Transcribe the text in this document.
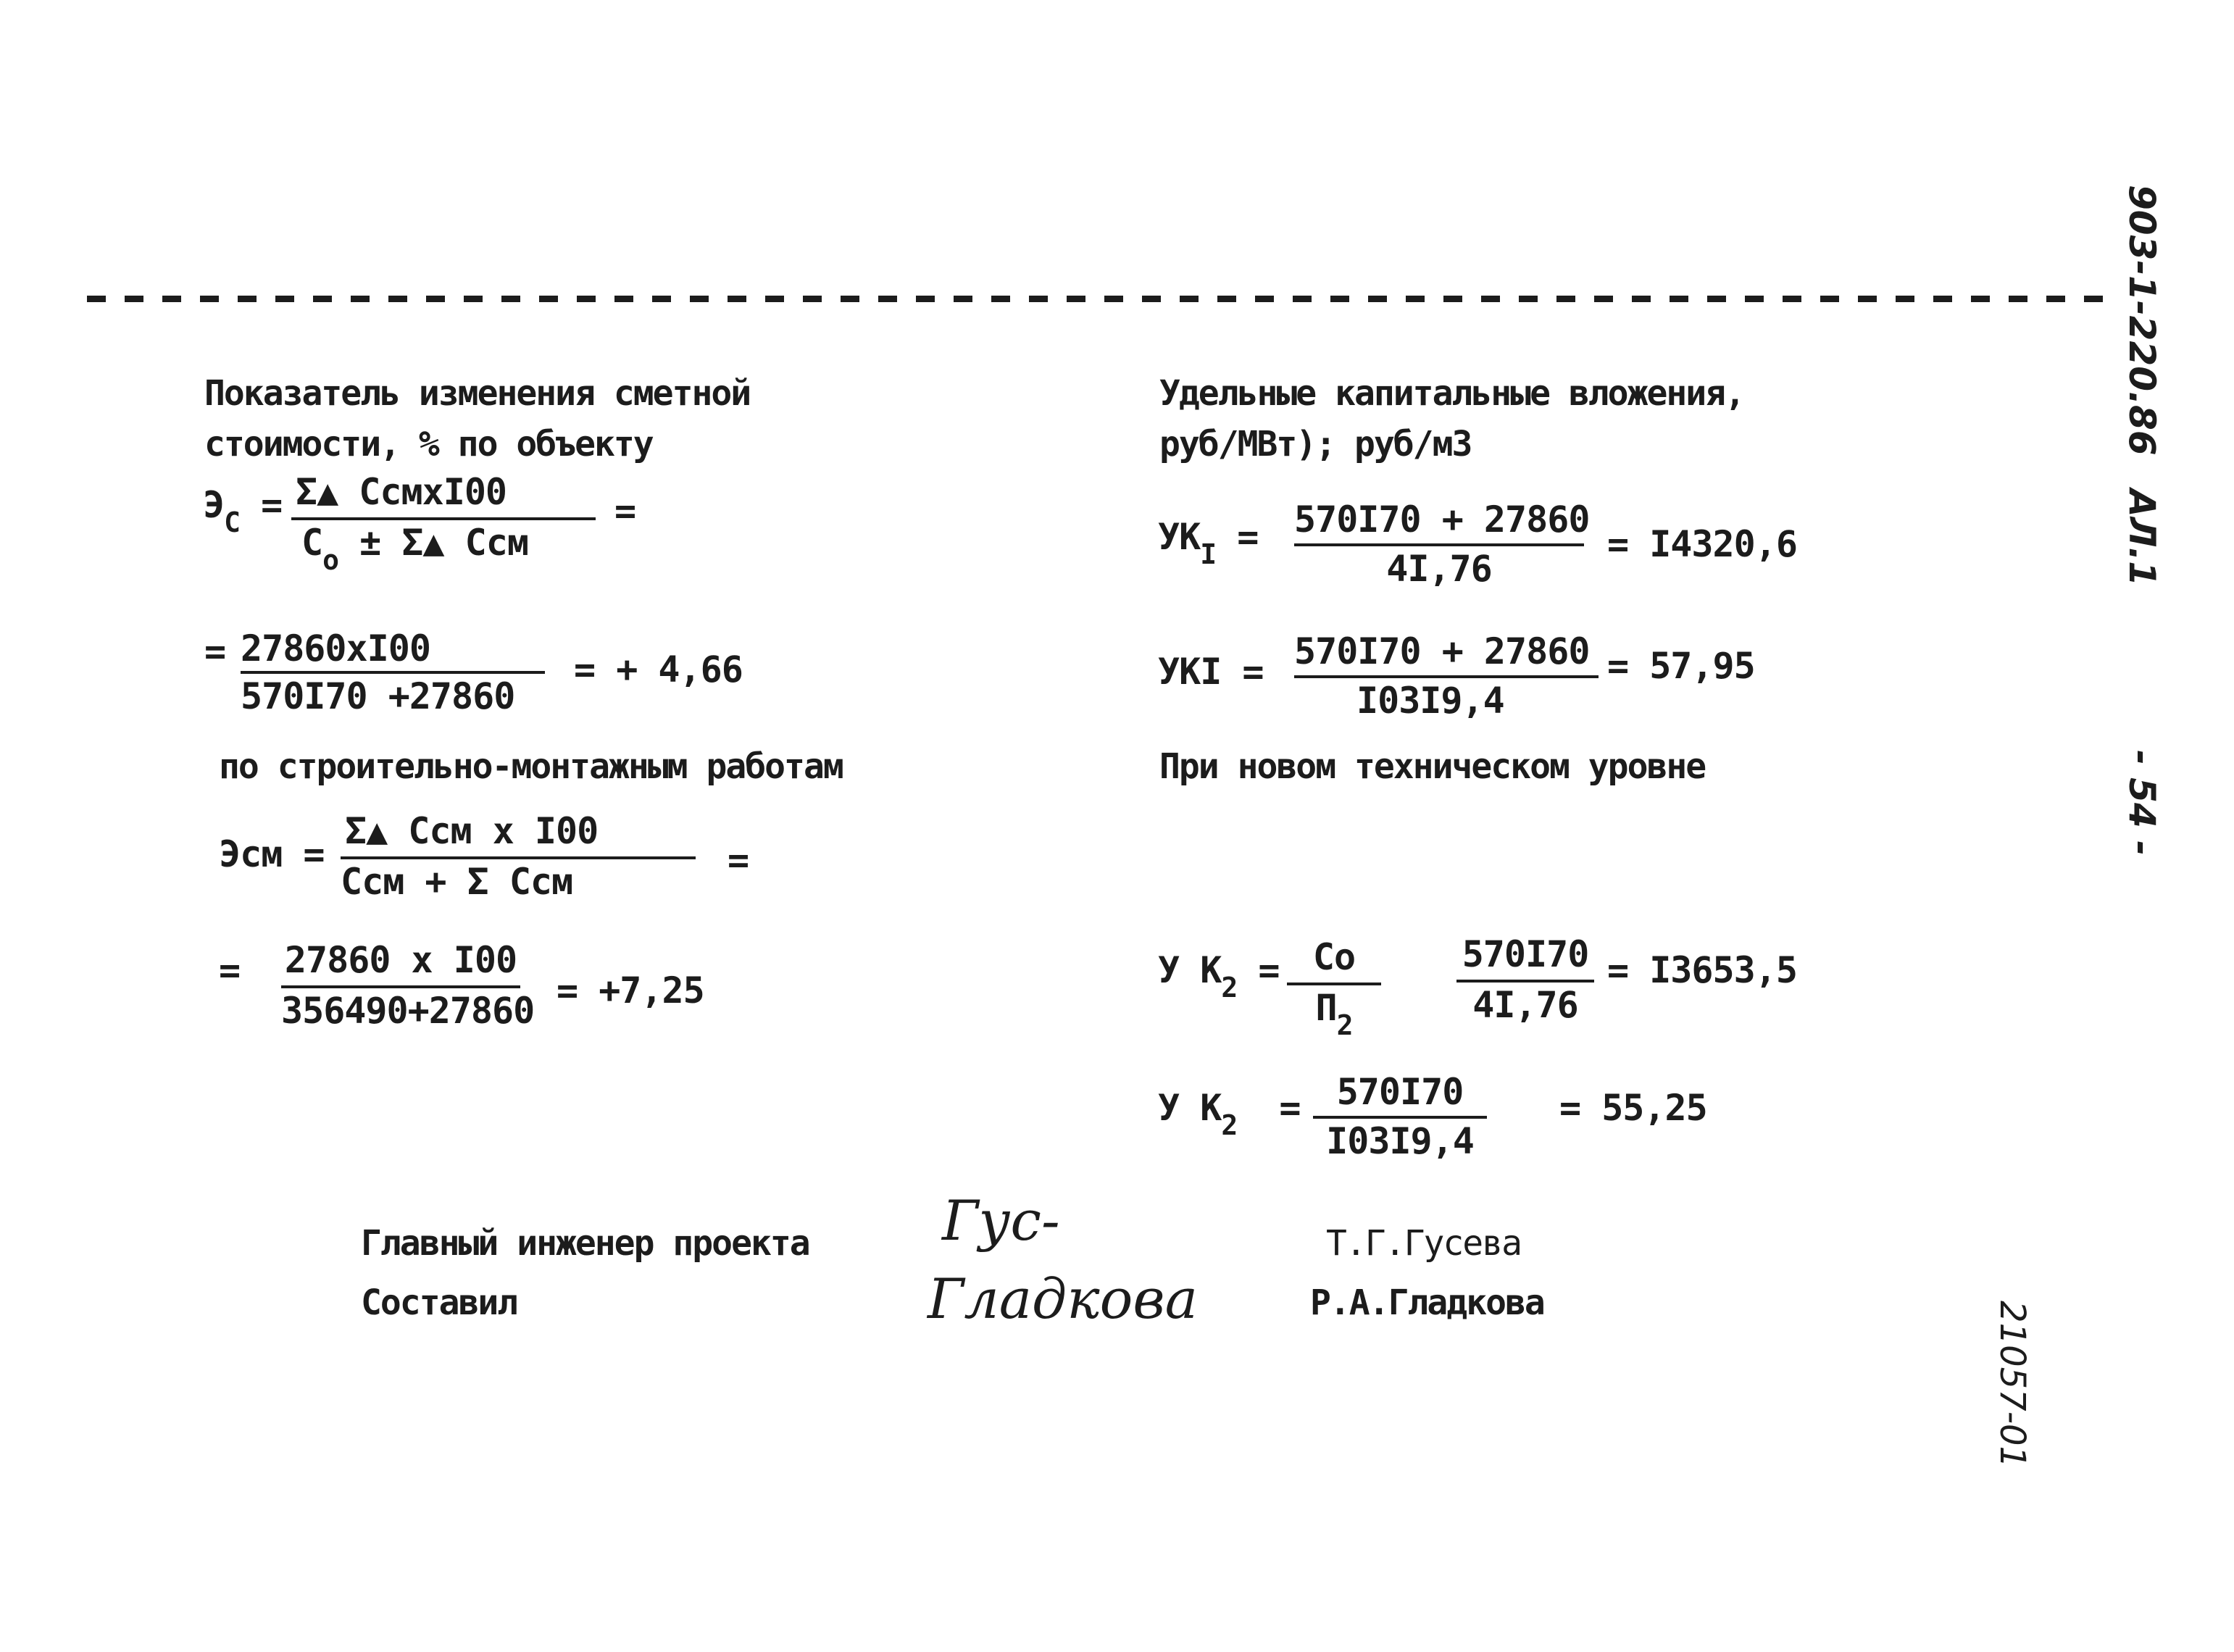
903-1-220.86
АЛ.1
- 54 -
21057-01
Показатель изменения сметной
стоимости, % по объекту
$Э_С$ = Σ▲ СсмхI00
$С_о$ ± Σ▲ Ссм
=
= 27860хI00
570I70 +27860
= + 4,66
по строительно-монтажным работам
Эсм =
Σ▲ Ссм х I00
Ссм + Σ Ссм
=
= 27860 х I00
356490+27860 = +7,25
Удельные капитальные вложения,
руб/МВт); руб/м3
$УК_I = 570I70 + 27860$
4I,76
= I4320,6
УКI = 570I70 + 27860
I03I9,4
= 57,95
При новом техническом уровне
У $К_2$ = Со
$П_2$
570I70
4I,76
= I3653,5
У $К_2$ =	570I70
I03I9,4
= 55,25
Главный инженер проекта
Составил
Гус-
Гладкова
Т.Г.Гусева
Р.А.Гладкова
